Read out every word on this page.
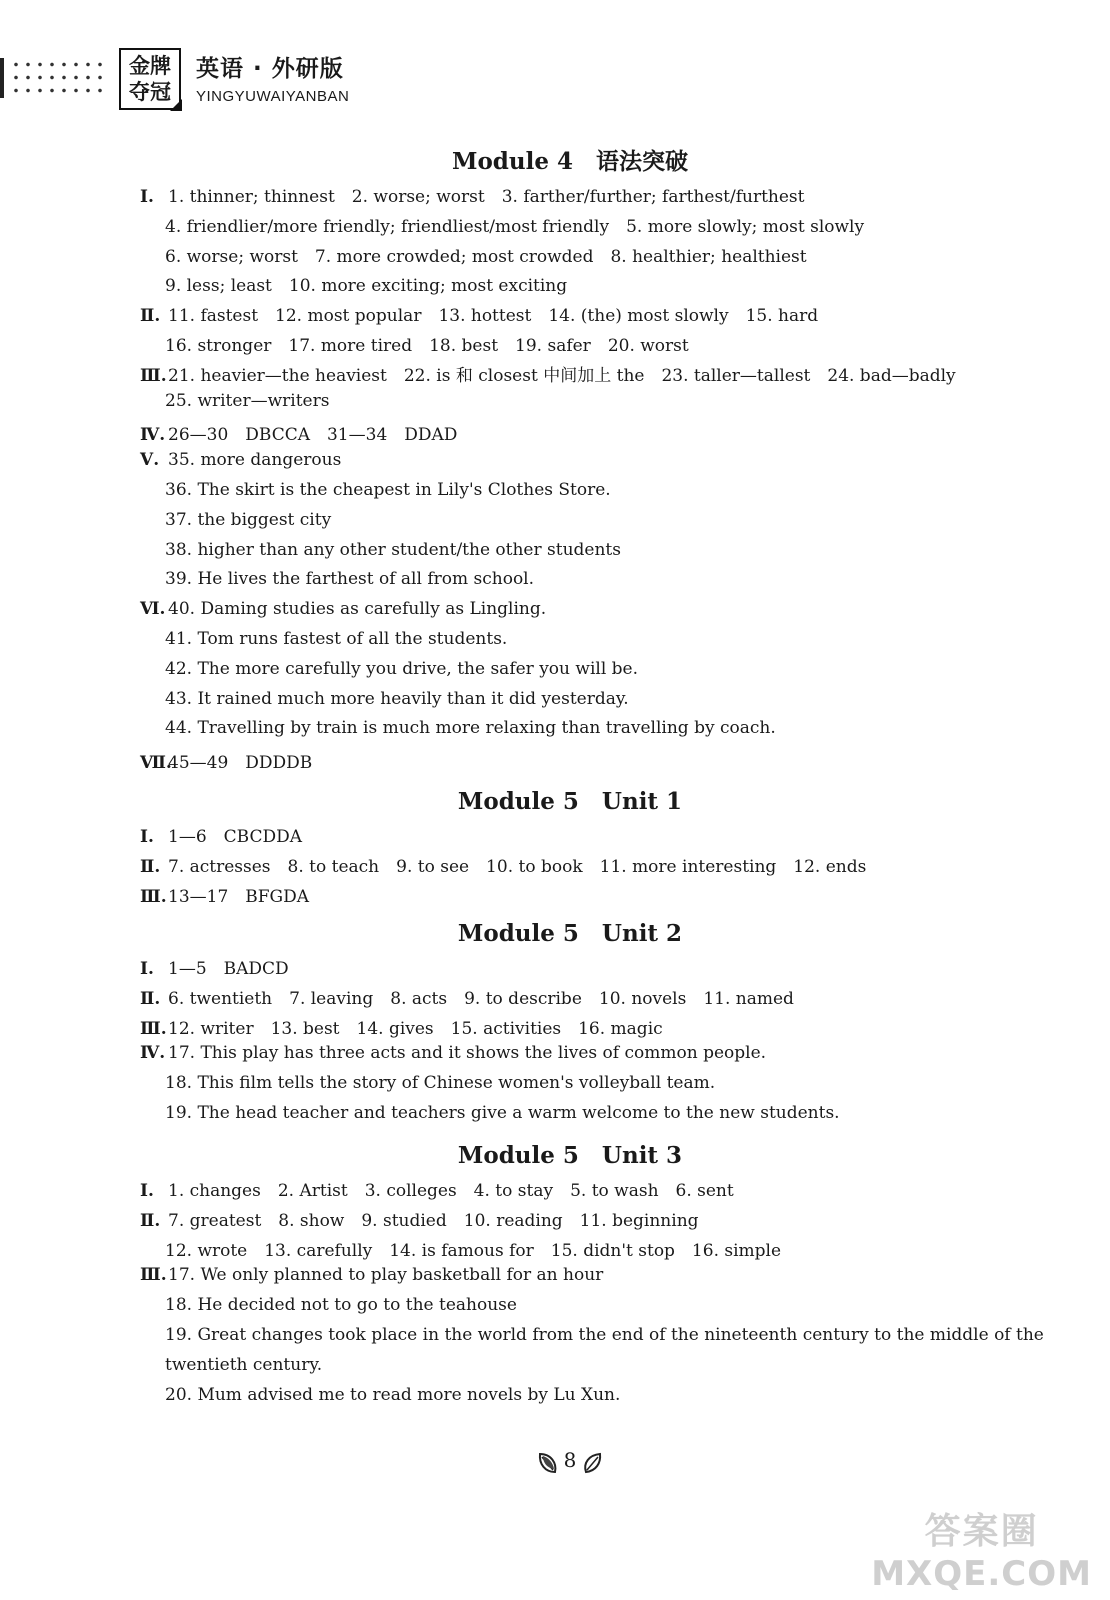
金牌
夺冠
英语 · 外研版
YINGYUWAIYANBAN
Module 4　语法突破
Ⅰ. 1. thinner; thinnest　2. worse; worst　3. farther/further; farthest/furthest
4. friendlier/more friendly; friendliest/most friendly　5. more slowly; most slowly
6. worse; worst　7. more crowded; most crowded　8. healthier; healthiest
9. less; least　10. more exciting; most exciting
Ⅱ. 11. fastest　12. most popular　13. hottest　14. (the) most slowly　15. hard
16. stronger　17. more tired　18. best　19. safer　20. worst
Ⅲ.21. heavier—the heaviest　22. is 和 closest 中间加上 the　23. taller—tallest　24. bad—badly
25. writer—writers
Ⅳ. 26—30　DBCCA　31—34　DDAD
Ⅴ. 35. more dangerous
36. The skirt is the cheapest in Lily's Clothes Store.
37. the biggest city
38. higher than any other student/the other students
39. He lives the farthest of all from school.
Ⅵ. 40. Daming studies as carefully as Lingling.
41. Tom runs fastest of all the students.
42. The more carefully you drive, the safer you will be.
43. It rained much more heavily than it did yesterday.
44. Travelling by train is much more relaxing than travelling by coach.
Ⅶ.45—49　DDDDB
Module 5　Unit 1
Ⅰ. 1—6　CBCDDA
Ⅱ. 7. actresses　8. to teach　9. to see　10. to book　11. more interesting　12. ends
Ⅲ.13—17　BFGDA
Module 5　Unit 2
Ⅰ. 1—5　BADCD
Ⅱ. 6. twentieth　7. leaving　8. acts　9. to describe　10. novels　11. named
Ⅲ.12. writer　13. best　14. gives　15. activities　16. magic
Ⅳ. 17. This play has three acts and it shows the lives of common people.
18. This film tells the story of Chinese women's volleyball team.
19. The head teacher and teachers give a warm welcome to the new students.
Module 5　Unit 3
Ⅰ. 1. changes　2. Artist　3. colleges　4. to stay　5. to wash　6. sent
Ⅱ. 7. greatest　8. show　9. studied　10. reading　11. beginning
12. wrote　13. carefully　14. is famous for　15. didn't stop　16. simple
Ⅲ.17. We only planned to play basketball for an hour
18. He decided not to go to the teahouse
19. Great changes took place in the world from the end of the nineteenth century to the middle of the
twentieth century.
20. Mum advised me to read more novels by Lu Xun.
8
答案圈
MXQE.COM
